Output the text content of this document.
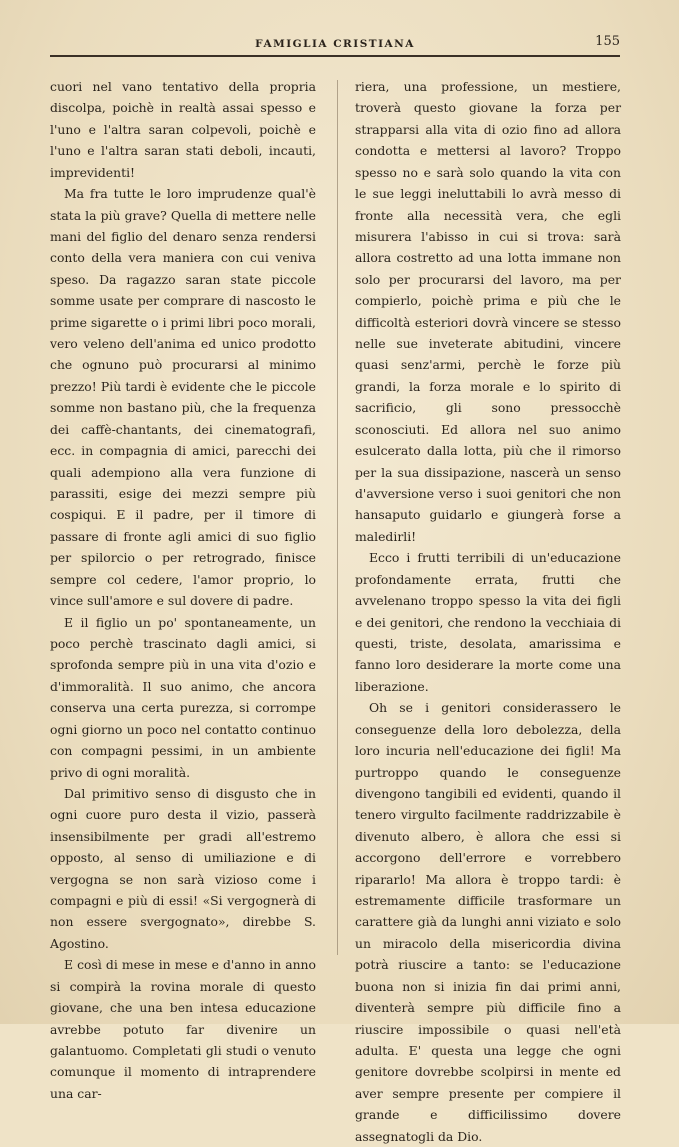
FAMIGLIA CRISTIANA	155

cuori nel vano tentativo della propria discolpa, poichè in realtà assai spesso e l'uno e l'altra saran colpevoli, poichè e l'uno e l'altra saran stati deboli, incauti, imprevidenti!

Ma fra tutte le loro imprudenze qual'è stata la più grave? Quella di mettere nelle mani del figlio del denaro senza rendersi conto della vera maniera con cui veniva speso. Da ragazzo saran state piccole somme usate per comprare di nascosto le prime sigarette o i primi libri poco morali, vero veleno dell'anima ed unico prodotto che ognuno può procurarsi al minimo prezzo! Più tardi è evidente che le piccole somme non bastano più, che la frequenza dei caffè-chantants, dei cinematografi, ecc. in compagnia di amici, parecchi dei quali adempiono alla vera funzione di parassiti, esige dei mezzi sempre più cospiqui. E il padre, per il timore di passare di fronte agli amici di suo figlio per spilorcio o per retrogrado, finisce sempre col cedere, l'amor proprio, lo vince sull'amore e sul dovere di padre.

E il figlio un po' spontaneamente, un poco perchè trascinato dagli amici, si sprofonda sempre più in una vita d'ozio e d'immoralità. Il suo animo, che ancora conserva una certa purezza, si corrompe ogni giorno un poco nel contatto continuo con compagni pessimi, in un ambiente privo di ogni moralità.

Dal primitivo senso di disgusto che in ogni cuore puro desta il vizio, passerà insensibilmente per gradi all'estremo opposto, al senso di umiliazione e di vergogna se non sarà vizioso come i compagni e più di essi! «Si vergognerà di non essere svergognato», direbbe S. Agostino.

E così di mese in mese e d'anno in anno si compirà la rovina morale di questo giovane, che una ben intesa educazione avrebbe potuto far divenire un galantuomo. Completati gli studi o venuto comunque il momento di intraprendere una car-

riera, una professione, un mestiere, troverà questo giovane la forza per strapparsi alla vita di ozio fino ad allora condotta e mettersi al lavoro? Troppo spesso no e sarà solo quando la vita con le sue leggi ineluttabili lo avrà messo di fronte alla necessità vera, che egli misurera l'abisso in cui si trova: sarà allora costretto ad una lotta immane non solo per procurarsi del lavoro, ma per compierlo, poichè prima e più che le difficoltà esteriori dovrà vincere se stesso nelle sue inveterate abitudini, vincere quasi senz'armi, perchè le forze più grandi, la forza morale e lo spirito di sacrificio, gli sono pressocchè sconosciuti. Ed allora nel suo animo esulcerato dalla lotta, più che il rimorso per la sua dissipazione, nascerà un senso d'avversione verso i suoi genitori che non hansaputo guidarlo e giungerà forse a maledirli!

Ecco i frutti terribili di un'educazione profondamente errata, frutti che avvelenano troppo spesso la vita dei figli e dei genitori, che rendono la vecchiaia di questi, triste, desolata, amarissima e fanno loro desiderare la morte come una liberazione.

Oh se i genitori considerassero le conseguenze della loro debolezza, della loro incuria nell'educazione dei figli! Ma purtroppo quando le conseguenze divengono tangibili ed evidenti, quando il tenero virgulto facilmente raddrizzabile è divenuto albero, è allora che essi si accorgono dell'errore e vorrebbero ripararlo! Ma allora è troppo tardi: è estremamente difficile trasformare un carattere già da lunghi anni viziato e solo un miracolo della misericordia divina potrà riuscire a tanto: se l'educazione buona non si inizia fin dai primi anni, diventerà sempre più difficile fino a riuscire impossibile o quasi nell'età adulta. E' questa una legge che ogni genitore dovrebbe scolpirsi in mente ed aver sempre presente per compiere il grande e difficilissimo dovere assegnatogli da Dio.
